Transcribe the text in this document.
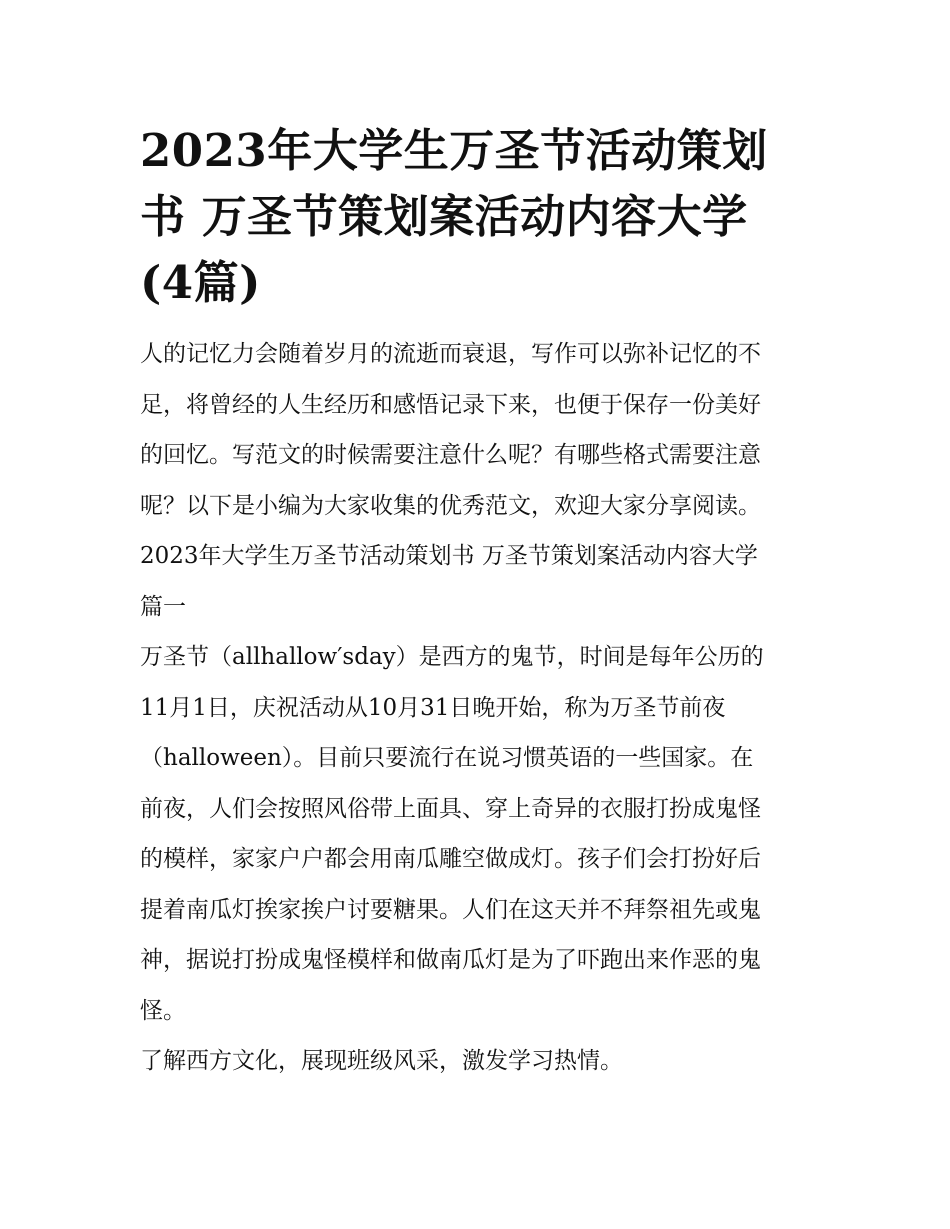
2023年大学生万圣节活动策划
书 万圣节策划案活动内容大学
(4篇)

人的记忆力会随着岁月的流逝而衰退，写作可以弥补记忆的不
足，将曾经的人生经历和感悟记录下来，也便于保存一份美好
的回忆。写范文的时候需要注意什么呢？有哪些格式需要注意
呢？以下是小编为大家收集的优秀范文，欢迎大家分享阅读。

2023年大学生万圣节活动策划书 万圣节策划案活动内容大学
篇一

万圣节（allhallow′sday）是西方的鬼节，时间是每年公历的
11月1日，庆祝活动从10月31日晚开始，称为万圣节前夜
（halloween）。目前只要流行在说习惯英语的一些国家。在
前夜，人们会按照风俗带上面具、穿上奇异的衣服打扮成鬼怪
的模样，家家户户都会用南瓜雕空做成灯。孩子们会打扮好后
提着南瓜灯挨家挨户讨要糖果。人们在这天并不拜祭祖先或鬼
神，据说打扮成鬼怪模样和做南瓜灯是为了吓跑出来作恶的鬼
怪。

了解西方文化，展现班级风采，激发学习热情。
